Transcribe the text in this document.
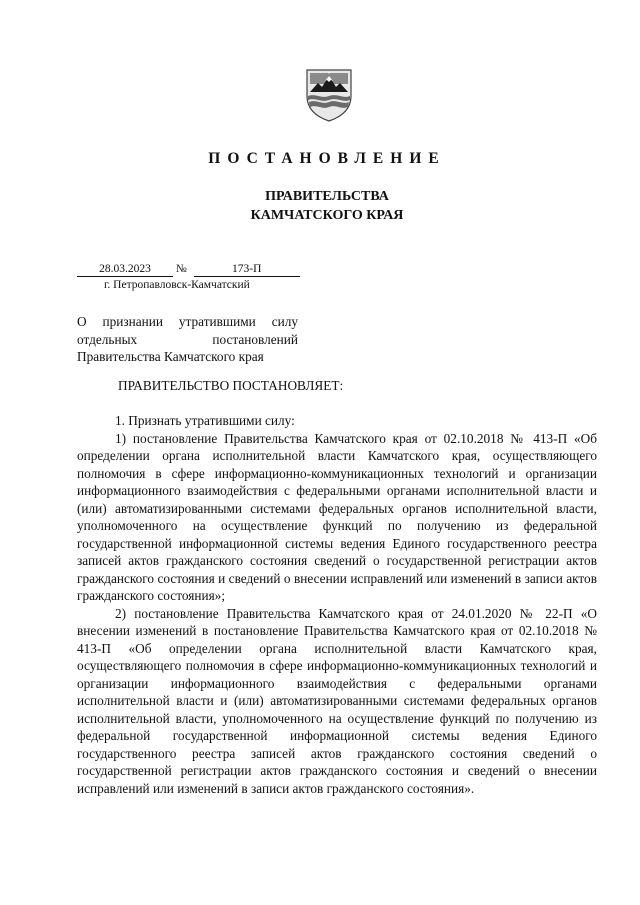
ПОСТАНОВЛЕНИЕ
ПРАВИТЕЛЬСТВА
КАМЧАТСКОГО КРАЯ
28.03.2023 №	173-П
г. Петропавловск-Камчатский
О признании утратившими силу отдельных постановлений Правительства Камчатского края
ПРАВИТЕЛЬСТВО ПОСТАНОВЛЯЕТ:

1. Признать утратившими силу:

1) постановление Правительства Камчатского края от 02.10.2018 № 413-П «Об определении органа исполнительной власти Камчатского края, осуществляющего полномочия в сфере информационно-коммуникационных технологий и организации информационного взаимодействия с федеральными органами исполнительной власти и (или) автоматизированными системами федеральных органов исполнительной власти, уполномоченного на осуществление функций по получению из федеральной государственной информационной системы ведения Единого государственного реестра записей актов гражданского состояния сведений о государственной регистрации актов гражданского состояния и сведений о внесении исправлений или изменений в записи актов гражданского состояния»;

2) постановление Правительства Камчатского края от 24.01.2020 № 22-П «О внесении изменений в постановление Правительства Камчатского края от 02.10.2018 № 413-П «Об определении органа исполнительной власти Камчатского края, осуществляющего полномочия в сфере информационно-коммуникационных технологий и организации информационного взаимодействия с федеральными органами исполнительной власти и (или) автоматизированными системами федеральных органов исполнительной власти, уполномоченного на осуществление функций по получению из федеральной государственной информационной системы ведения Единого государственного реестра записей актов гражданского состояния сведений о государственной регистрации актов гражданского состояния и сведений о внесении исправлений или изменений в записи актов гражданского состояния».
